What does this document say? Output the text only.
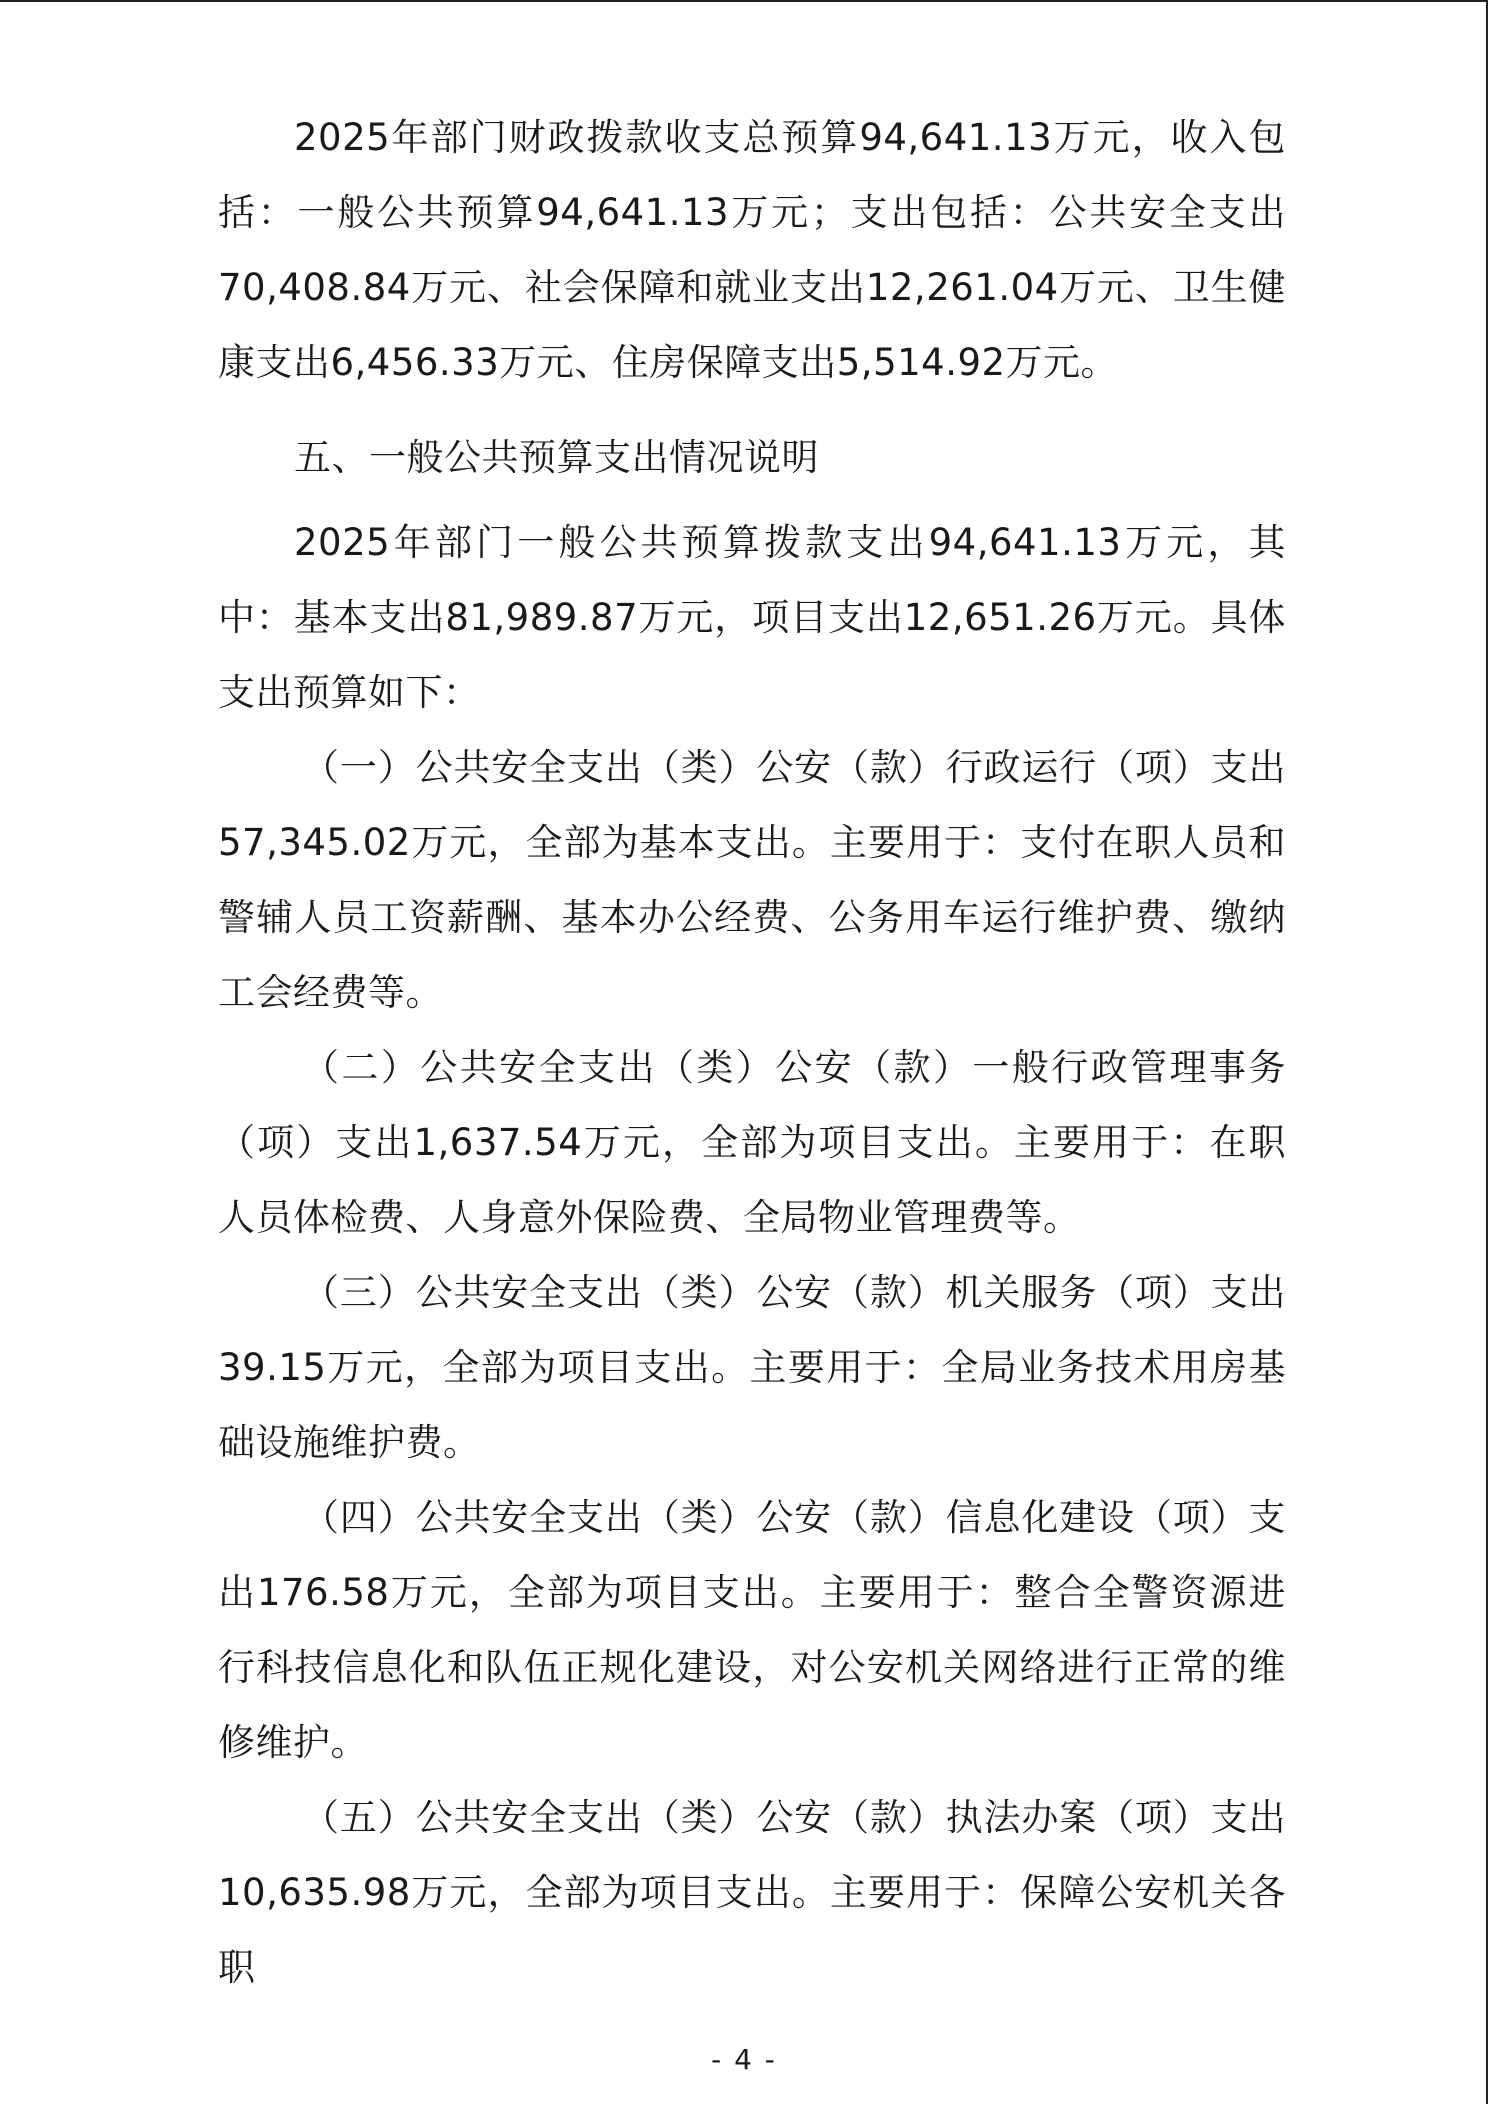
2025年部门财政拨款收支总预算94,641.13万元，收入包括：一般公共预算94,641.13万元；支出包括：公共安全支出70,408.84万元、社会保障和就业支出12,261.04万元、卫生健康支出6,456.33万元、住房保障支出5,514.92万元。

五、一般公共预算支出情况说明

2025年部门一般公共预算拨款支出94,641.13万元，其中：基本支出81,989.87万元，项目支出12,651.26万元。具体支出预算如下：

（一）公共安全支出（类）公安（款）行政运行（项）支出57,345.02万元，全部为基本支出。主要用于：支付在职人员和警辅人员工资薪酬、基本办公经费、公务用车运行维护费、缴纳工会经费等。

（二）公共安全支出（类）公安（款）一般行政管理事务（项）支出1,637.54万元，全部为项目支出。主要用于：在职人员体检费、人身意外保险费、全局物业管理费等。

（三）公共安全支出（类）公安（款）机关服务（项）支出39.15万元，全部为项目支出。主要用于：全局业务技术用房基础设施维护费。

（四）公共安全支出（类）公安（款）信息化建设（项）支出176.58万元，全部为项目支出。主要用于：整合全警资源进行科技信息化和队伍正规化建设，对公安机关网络进行正常的维修维护。

（五）公共安全支出（类）公安（款）执法办案（项）支出10,635.98万元，全部为项目支出。主要用于：保障公安机关各职

- 4 -
